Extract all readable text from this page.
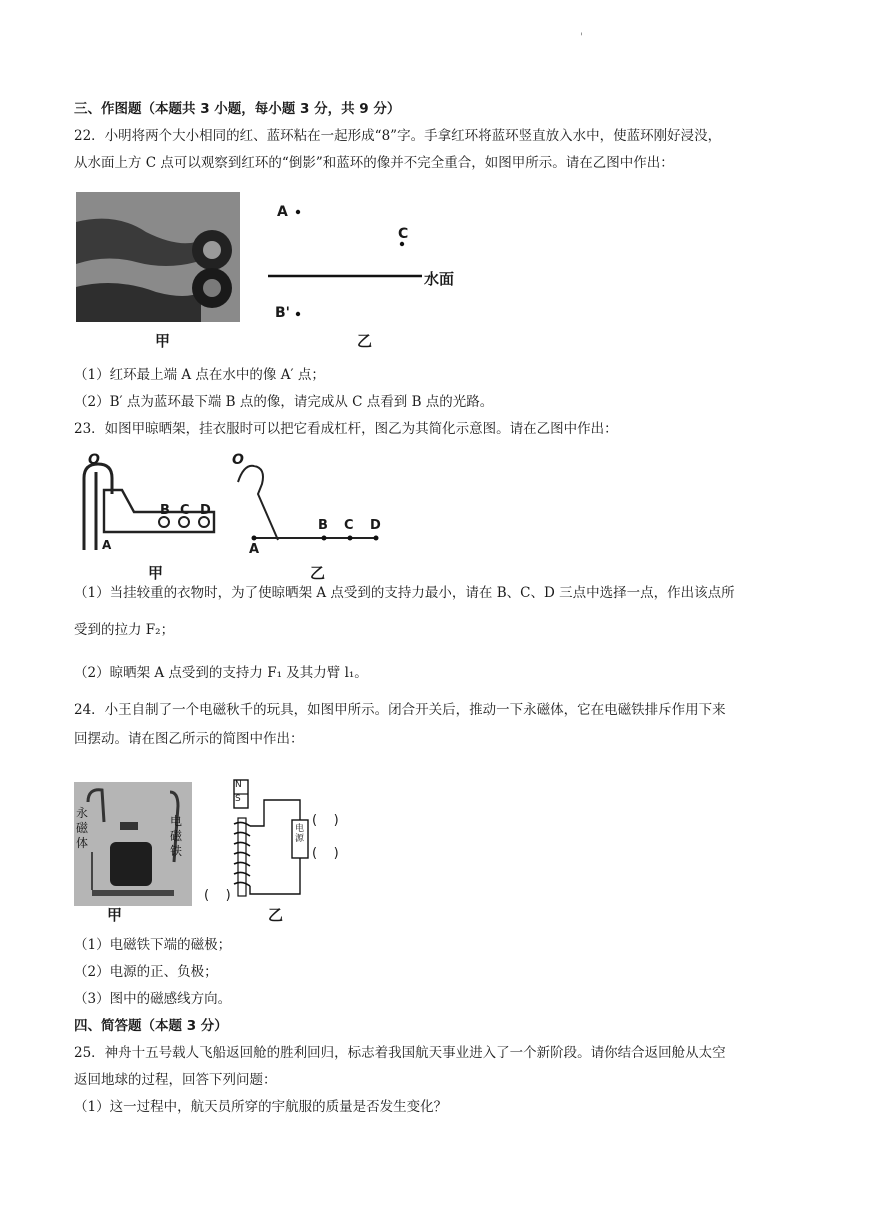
'
三、作图题（本题共 3 小题，每小题 3 分，共 9 分）
22．小明将两个大小相同的红、蓝环粘在一起形成“8”字。手拿红环将蓝环竖直放入水中，使蓝环刚好浸没，
从水面上方 C 点可以观察到红环的“倒影”和蓝环的像并不完全重合，如图甲所示。请在乙图中作出：
甲
A
C
水面
B'
乙
（1）红环最上端 A 点在水中的像 A′ 点；
（2）B′ 点为蓝环最下端 B 点的像，请完成从 C 点看到 B 点的光路。
23．如图甲晾晒架，挂衣服时可以把它看成杠杆，图乙为其简化示意图。请在乙图中作出：
O
B C D
A
甲
O
B C D
A
乙
（1）当挂较重的衣物时，为了使晾晒架 A 点受到的支持力最小，请在 B、C、D 三点中选择一点，作出该点所
受到的拉力 F₂；
（2）晾晒架 A 点受到的支持力 F₁ 及其力臂 l₁。
24．小王自制了一个电磁秋千的玩具，如图甲所示。闭合开关后，推动一下永磁体，它在电磁铁排斥作用下来
回摆动。请在图乙所示的简图中作出：
永磁体
电磁铁
甲
N
S
电源
(    )
(    )
(    )
乙
（1）电磁铁下端的磁极；
（2）电源的正、负极；
（3）图中的磁感线方向。
四、简答题（本题 3 分）
25．神舟十五号载人飞船返回舱的胜利回归，标志着我国航天事业进入了一个新阶段。请你结合返回舱从太空
返回地球的过程，回答下列问题：
（1）这一过程中，航天员所穿的宇航服的质量是否发生变化？
